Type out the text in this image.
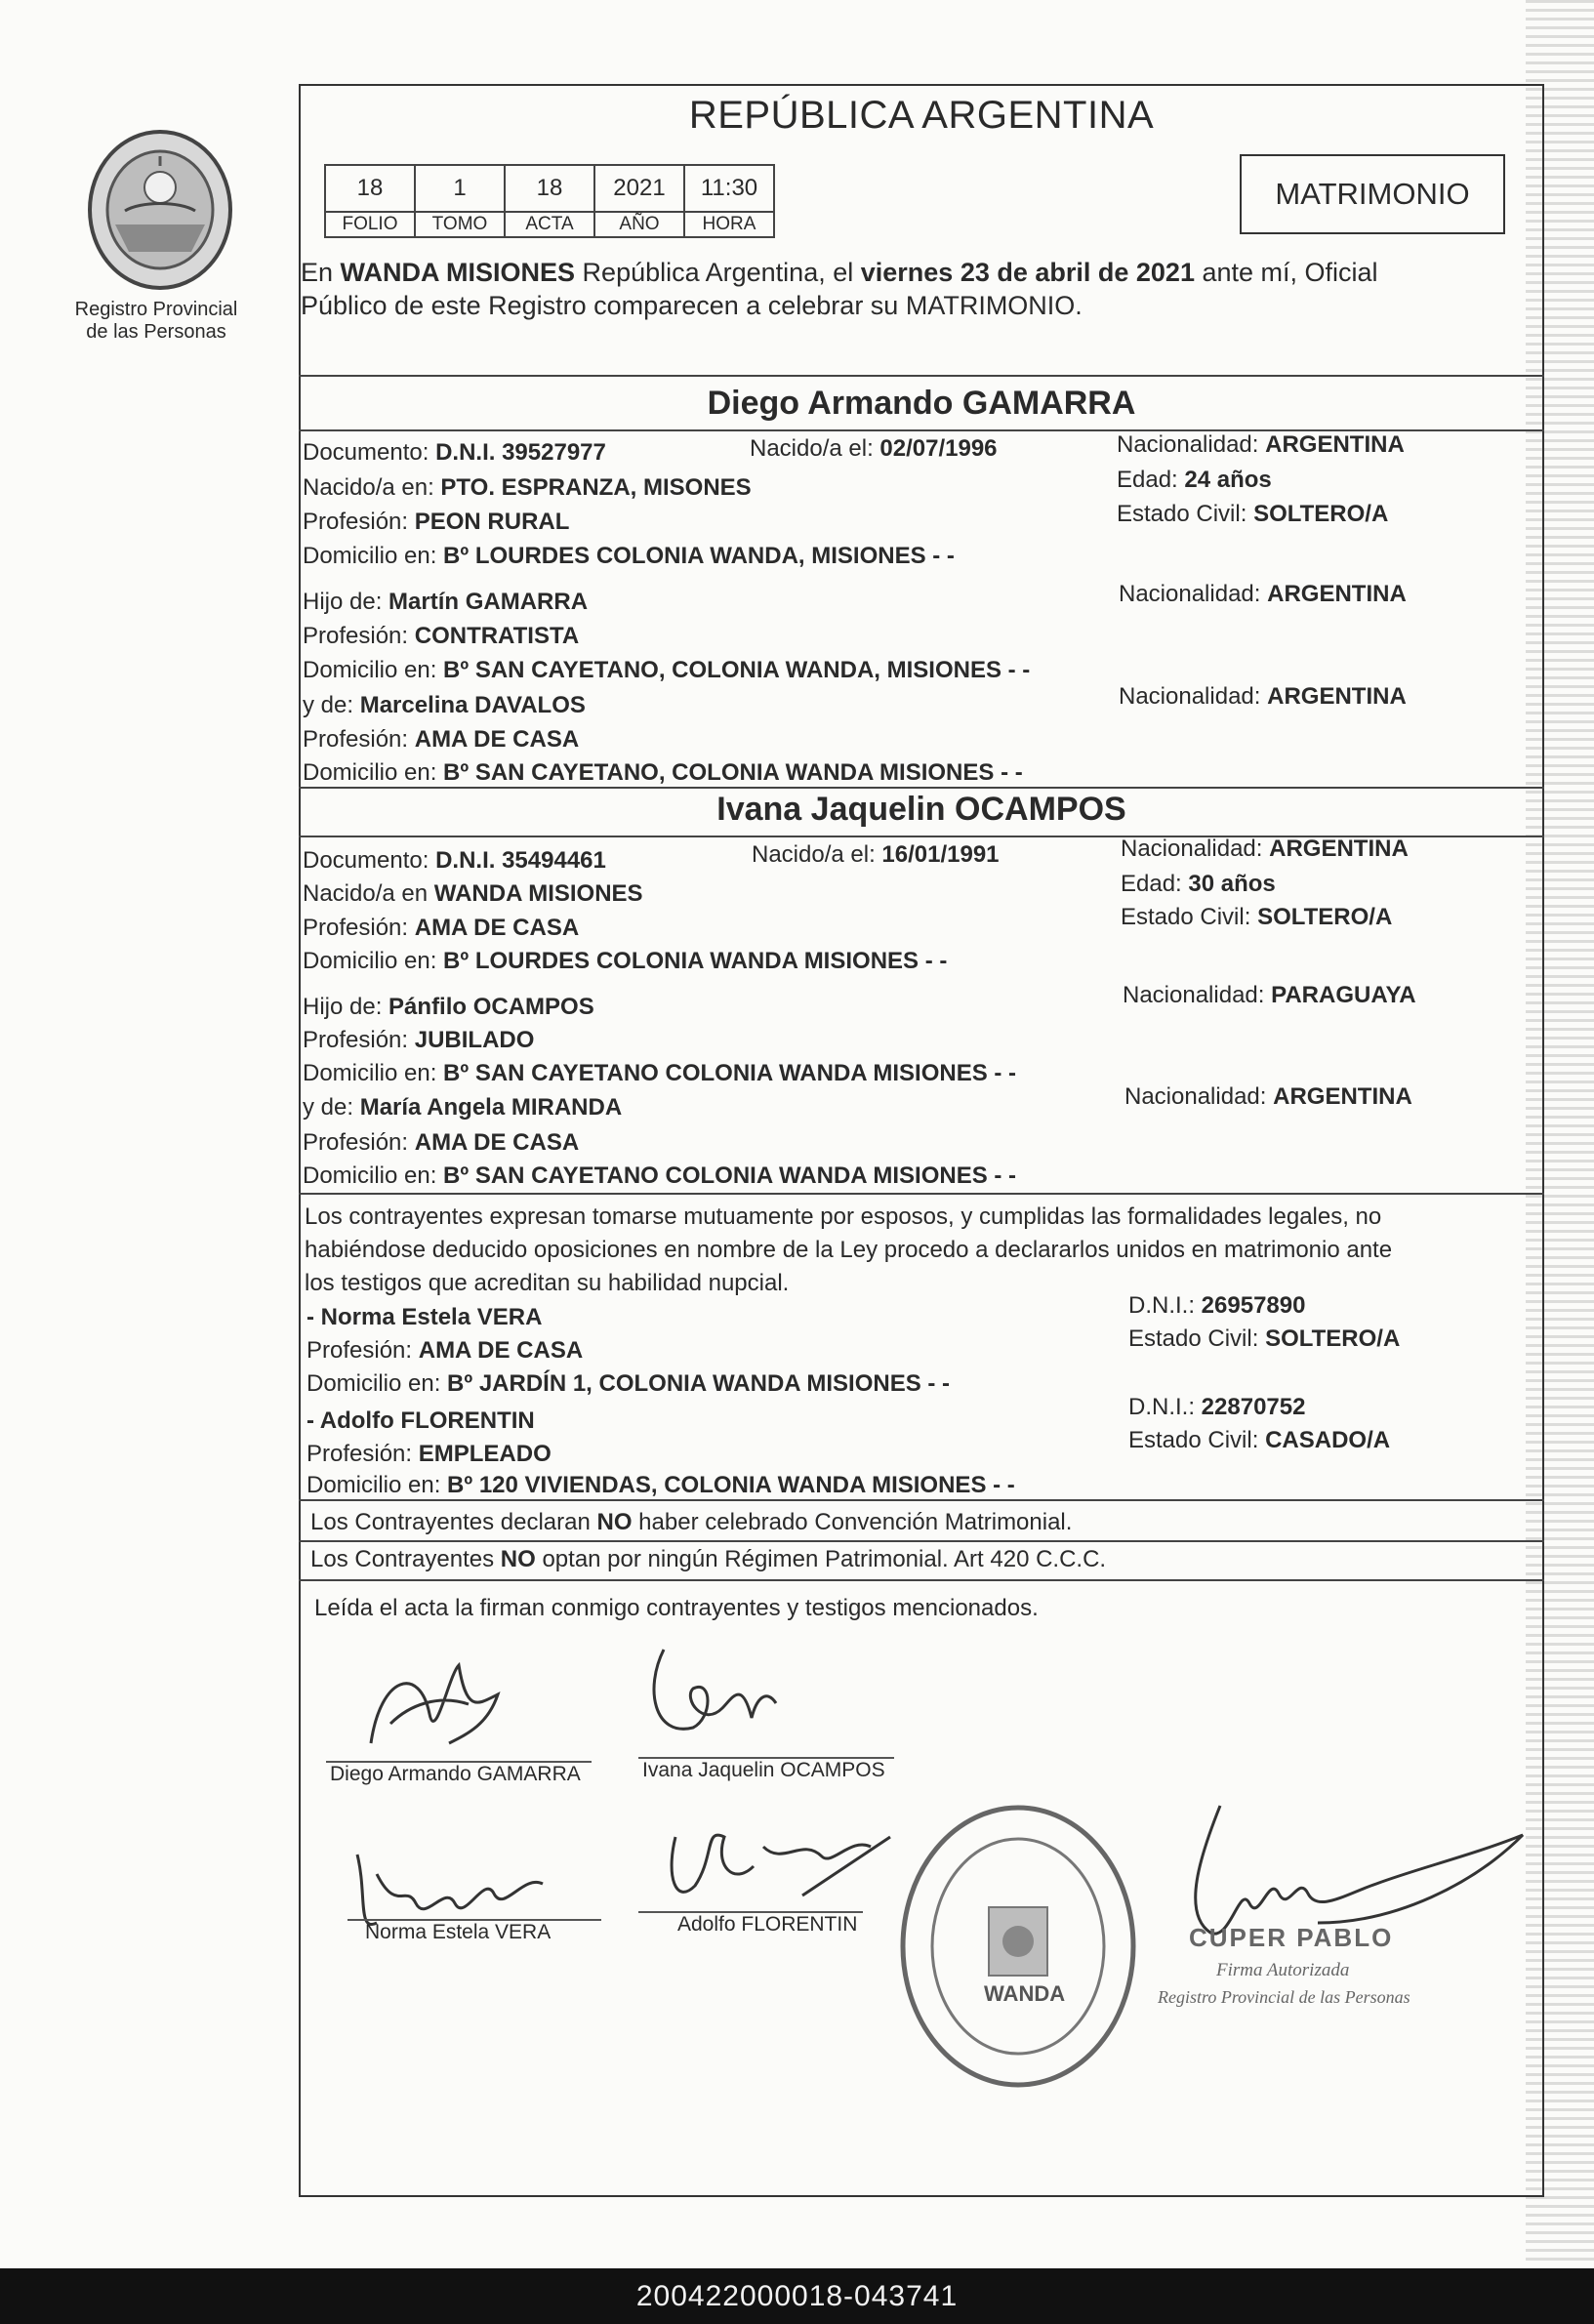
Registro Provincial
de las Personas
REPÚBLICA ARGENTINA
18	1	18	2021	11:30
FOLIO	TOMO	ACTA	AÑO	HORA
MATRIMONIO
En WANDA MISIONES República Argentina, el viernes 23 de abril de 2021 ante mí, Oficial
Público de este Registro comparecen a celebrar su MATRIMONIO.
Diego Armando GAMARRA
Documento: D.N.I. 39527977	Nacido/a el: 02/07/1996	Nacionalidad: ARGENTINA
Nacido/a en: PTO. ESPRANZA, MISONES	Edad: 24 años
Profesión: PEON RURAL	Estado Civil: SOLTERO/A
Domicilio en: Bº LOURDES COLONIA WANDA, MISIONES - -
Hijo de: Martín GAMARRA	Nacionalidad: ARGENTINA
Profesión: CONTRATISTA
Domicilio en: Bº SAN CAYETANO, COLONIA WANDA, MISIONES - -
y de: Marcelina DAVALOS	Nacionalidad: ARGENTINA
Profesión: AMA DE CASA
Domicilio en: Bº SAN CAYETANO, COLONIA WANDA MISIONES - -
Ivana Jaquelin OCAMPOS
Documento: D.N.I. 35494461	Nacido/a el: 16/01/1991	Nacionalidad: ARGENTINA
Nacido/a en WANDA MISIONES	Edad: 30 años
Profesión: AMA DE CASA	Estado Civil: SOLTERO/A
Domicilio en: Bº LOURDES COLONIA WANDA MISIONES - -
Hijo de: Pánfilo OCAMPOS	Nacionalidad: PARAGUAYA
Profesión: JUBILADO
Domicilio en: Bº SAN CAYETANO COLONIA WANDA MISIONES - -
y de: María Angela MIRANDA	Nacionalidad: ARGENTINA
Profesión: AMA DE CASA
Domicilio en: Bº SAN CAYETANO COLONIA WANDA MISIONES - -
Los contrayentes expresan tomarse mutuamente por esposos, y cumplidas las formalidades legales, no
habiéndose deducido oposiciones en nombre de la Ley procedo a declararlos unidos en matrimonio ante
los testigos que acreditan su habilidad nupcial.
- Norma Estela VERA	D.N.I.: 26957890
Profesión: AMA DE CASA	Estado Civil: SOLTERO/A
Domicilio en: Bº JARDÍN 1, COLONIA WANDA MISIONES - -
- Adolfo FLORENTIN
D.N.I.: 22870752
Profesión: EMPLEADO
Estado Civil: CASADO/A
Domicilio en: Bº 120 VIVIENDAS, COLONIA WANDA MISIONES - -
Los Contrayentes declaran NO haber celebrado Convención Matrimonial.
Los Contrayentes NO optan por ningún Régimen Patrimonial. Art 420 C.C.C.
Leída el acta la firman conmigo contrayentes y testigos mencionados.
Diego Armando GAMARRA	Ivana Jaquelin OCAMPOS
Norma Estela VERA	Adolfo FLORENTIN
WANDA
CUPER PABLO
Firma Autorizada
Registro Provincial de las Personas
200422000018-043741
